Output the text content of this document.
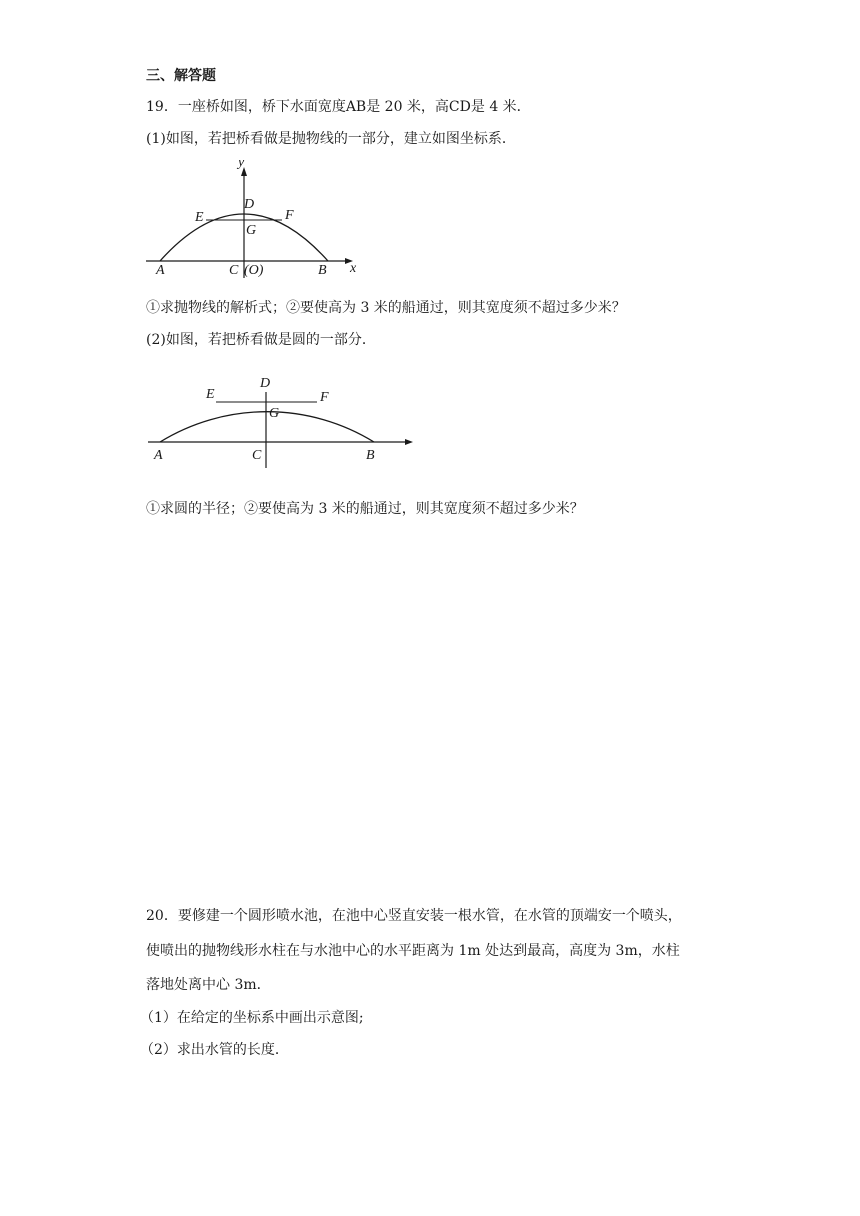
三、解答题
19．一座桥如图，桥下水面宽度AB是 20 米，高CD是 4 米．
(1)如图，若把桥看做是抛物线的一部分，建立如图坐标系．
y
x
D
E	F
G
A	C (O)	B
①求抛物线的解析式；②要使高为 3 米的船通过，则其宽度须不超过多少米？
(2)如图，若把桥看做是圆的一部分．
D
E	F
G
A	C	B
①求圆的半径；②要使高为 3 米的船通过，则其宽度须不超过多少米？
20．要修建一个圆形喷水池，在池中心竖直安装一根水管，在水管的顶端安一个喷头，
使喷出的抛物线形水柱在与水池中心的水平距离为 1m 处达到最高，高度为 3m，水柱
落地处离中心 3m．
（1）在给定的坐标系中画出示意图;
（2）求出水管的长度．
